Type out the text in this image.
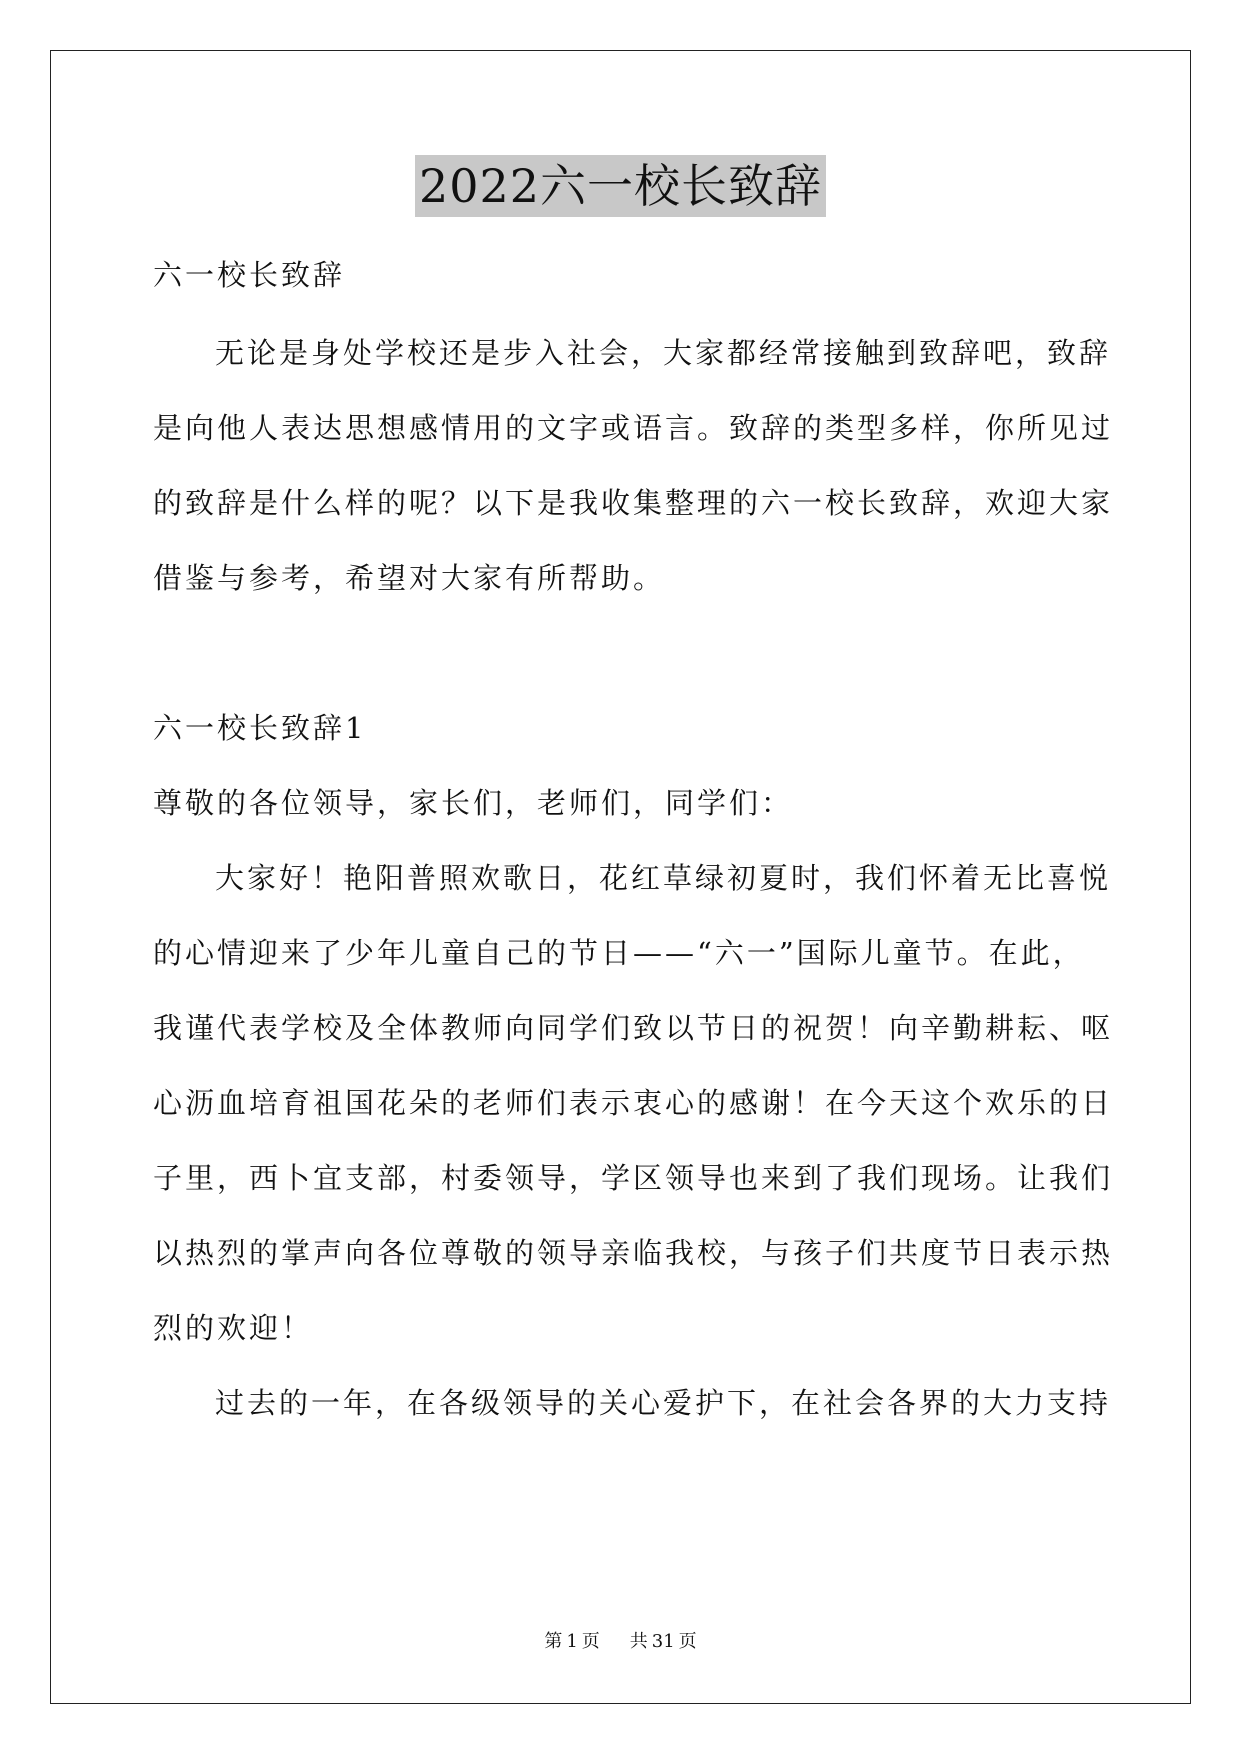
2022六一校长致辞
六一校长致辞
无论是身处学校还是步入社会，大家都经常接触到致辞吧，致辞
是向他人表达思想感情用的文字或语言。致辞的类型多样，你所见过
的致辞是什么样的呢？以下是我收集整理的六一校长致辞，欢迎大家
借鉴与参考，希望对大家有所帮助。
六一校长致辞1
尊敬的各位领导，家长们，老师们，同学们：
大家好！艳阳普照欢歌日，花红草绿初夏时，我们怀着无比喜悦
的心情迎来了少年儿童自己的节日——“六一”国际儿童节。在此，
我谨代表学校及全体教师向同学们致以节日的祝贺！向辛勤耕耘、呕
心沥血培育祖国花朵的老师们表示衷心的感谢！在今天这个欢乐的日
子里，西卜宜支部，村委领导，学区领导也来到了我们现场。让我们
以热烈的掌声向各位尊敬的领导亲临我校，与孩子们共度节日表示热
烈的欢迎！
过去的一年，在各级领导的关心爱护下，在社会各界的大力支持
第 1 页 共 31 页
